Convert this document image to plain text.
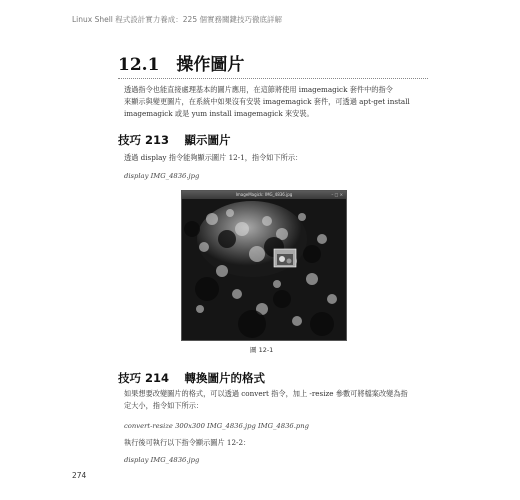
Linux Shell 程式設計實力養成：225 個實務關鍵技巧徹底詳解
12.1　操作圖片
透過指令也能直接處理基本的圖片應用，在這節將使用 imagemagick 套件中的指令
來顯示與變更圖片，在系統中如果沒有安裝 imagemagick 套件，可透過 apt-get install
imagemagick 或是 yum install imagemagick 來安裝。
技巧 213　 顯示圖片
透過 display 指令能夠顯示圖片 12-1，指令如下所示：
display IMG_4836.jpg
ImageMagick: IMG_4836.jpg	– □ ×
圖 12-1
技巧 214　 轉換圖片的格式
如果想要改變圖片的格式，可以透過 convert 指令，加上 -resize 參數可將檔案改變為指
定大小，指令如下所示：
convert-resize 300x300 IMG_4836.jpg IMG_4836.png
執行後可執行以下指令顯示圖片 12-2：
display IMG_4836.jpg
274
